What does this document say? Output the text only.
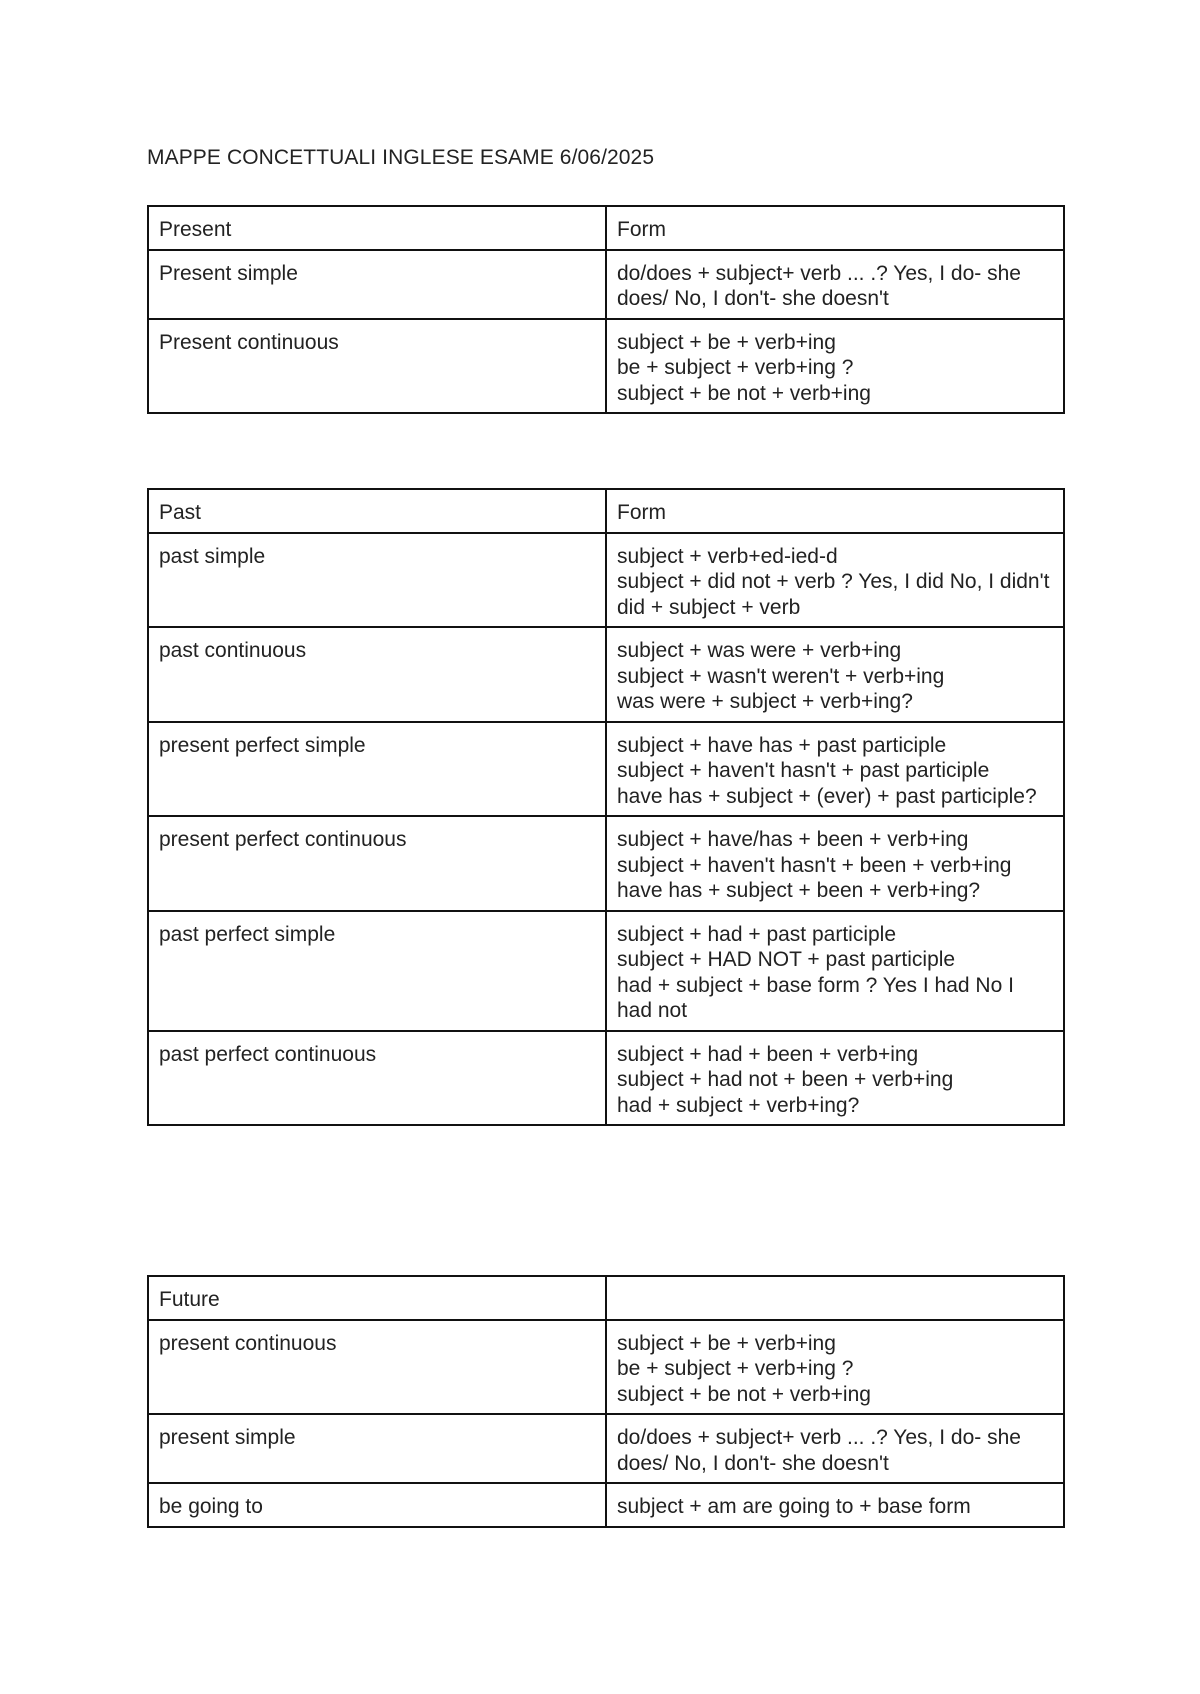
MAPPE CONCETTUALI INGLESE ESAME 6/06/2025
Present	Form
Present simple	do/does + subject+ verb ... .? Yes, I do- she does/ No, I don't- she doesn't

Present continuous	subject + be + verb+ing
be + subject + verb+ing ?
subject + be not + verb+ing
Past	Form
past simple	subject + verb+ed-ied-d
subject + did not + verb ? Yes, I did No, I didn't
did + subject + verb

past continuous	subject + was were + verb+ing
subject + wasn't weren't + verb+ing
was were + subject + verb+ing?

present perfect simple	subject + have has + past participle
subject + haven't hasn't + past participle
have has + subject + (ever) + past participle?

present perfect continuous	subject + have/has + been + verb+ing
subject + haven't hasn't + been + verb+ing
have has + subject + been + verb+ing?

past perfect simple	subject + had + past participle
subject + HAD NOT + past participle
had + subject + base form ? Yes I had No I had not

past perfect continuous	subject + had + been + verb+ing
subject + had not + been + verb+ing
had + subject + verb+ing?
Future	
present continuous	subject + be + verb+ing
be + subject + verb+ing ?
subject + be not + verb+ing

present simple	do/does + subject+ verb ... .? Yes, I do- she does/ No, I don't- she doesn't

be going to	subject + am are going to + base form
